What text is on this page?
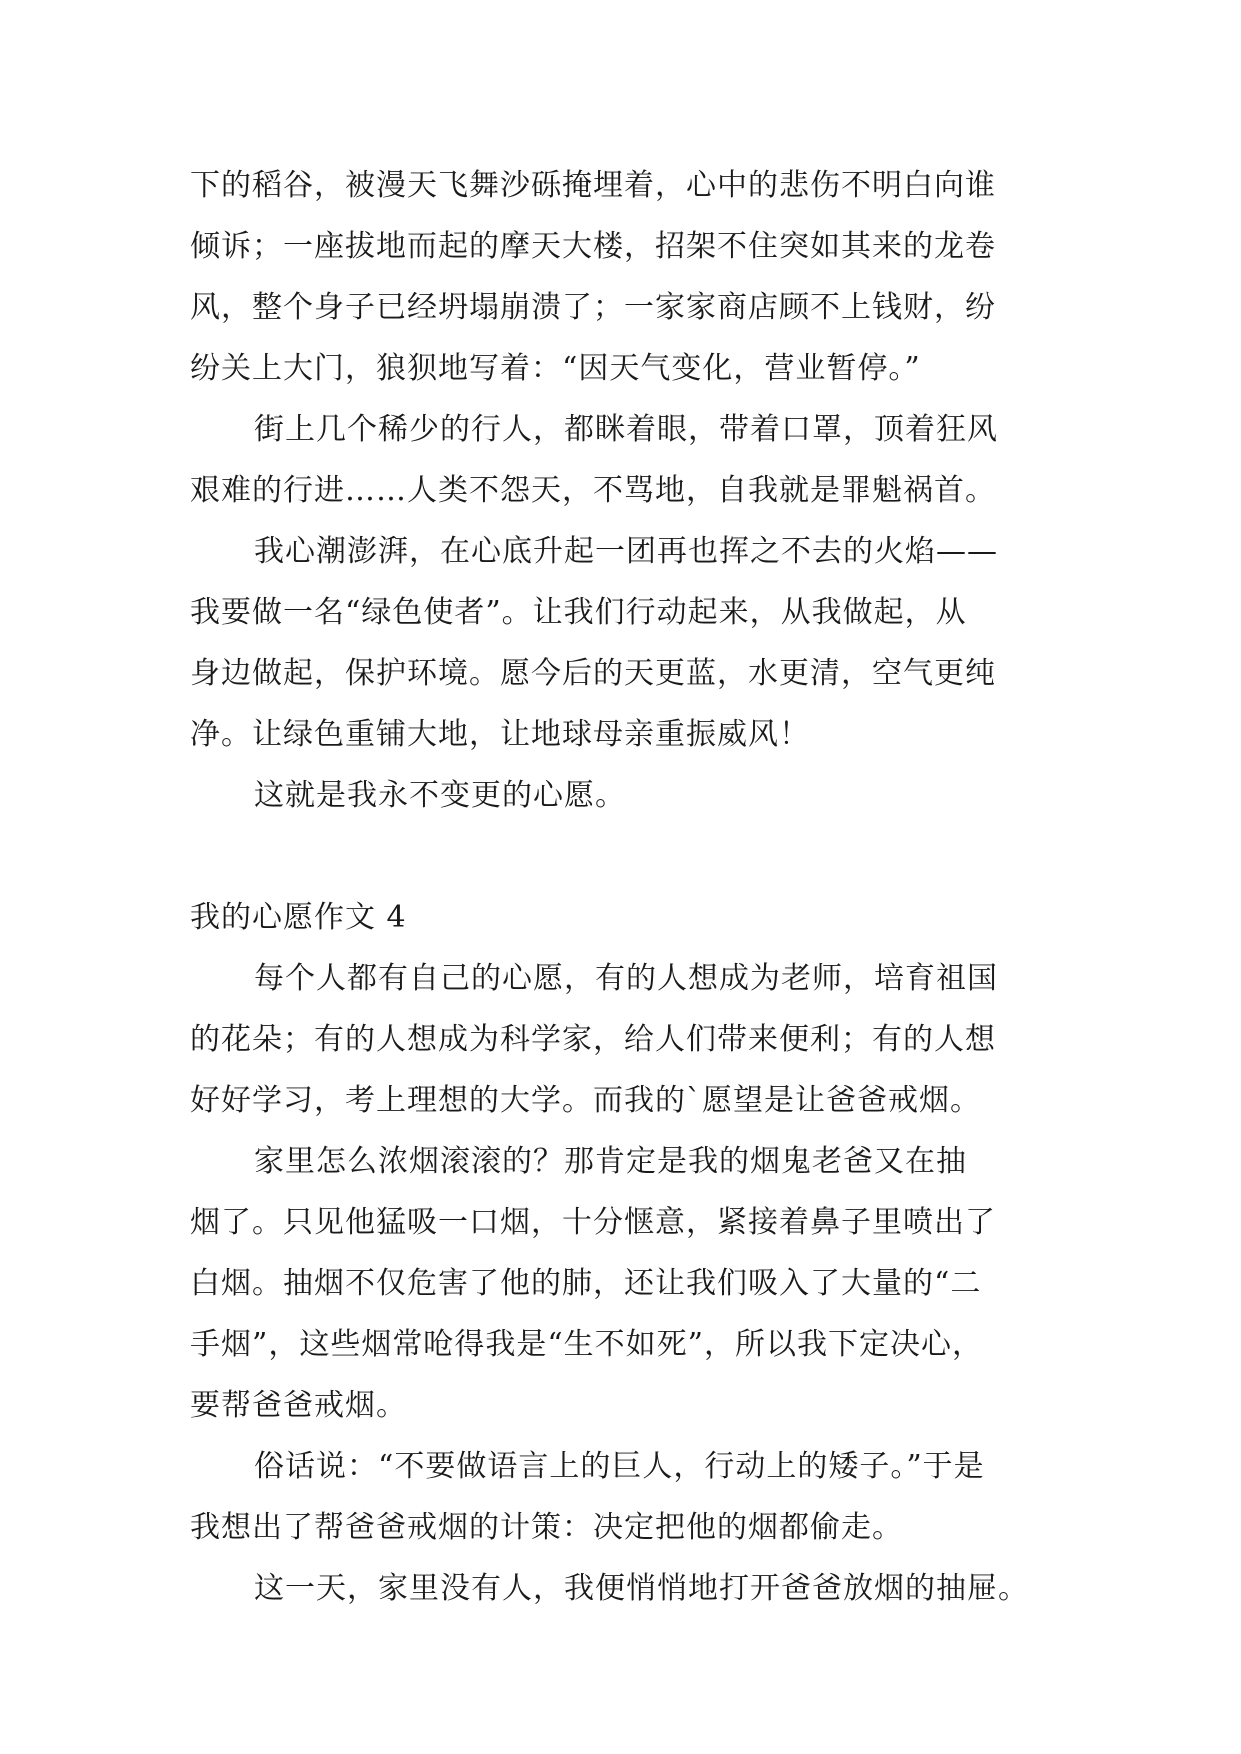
下的稻谷，被漫天飞舞沙砾掩埋着，心中的悲伤不明白向谁
倾诉；一座拔地而起的摩天大楼，招架不住突如其来的龙卷
风，整个身子已经坍塌崩溃了；一家家商店顾不上钱财，纷
纷关上大门，狼狈地写着：“因天气变化，营业暂停。”
街上几个稀少的行人，都眯着眼，带着口罩，顶着狂风
艰难的行进……人类不怨天，不骂地，自我就是罪魁祸首。
我心潮澎湃，在心底升起一团再也挥之不去的火焰——
我要做一名“绿色使者”。让我们行动起来，从我做起，从
身边做起，保护环境。愿今后的天更蓝，水更清，空气更纯
净。让绿色重铺大地，让地球母亲重振威风！
这就是我永不变更的心愿。
我的心愿作文 4
每个人都有自己的心愿，有的人想成为老师，培育祖国
的花朵；有的人想成为科学家，给人们带来便利；有的人想
好好学习，考上理想的大学。而我的`愿望是让爸爸戒烟。
家里怎么浓烟滚滚的？那肯定是我的烟鬼老爸又在抽
烟了。只见他猛吸一口烟，十分惬意，紧接着鼻子里喷出了
白烟。抽烟不仅危害了他的肺，还让我们吸入了大量的“二
手烟”，这些烟常呛得我是“生不如死”，所以我下定决心，
要帮爸爸戒烟。
俗话说：“不要做语言上的巨人，行动上的矮子。”于是
我想出了帮爸爸戒烟的计策：决定把他的烟都偷走。
这一天，家里没有人，我便悄悄地打开爸爸放烟的抽屉。
